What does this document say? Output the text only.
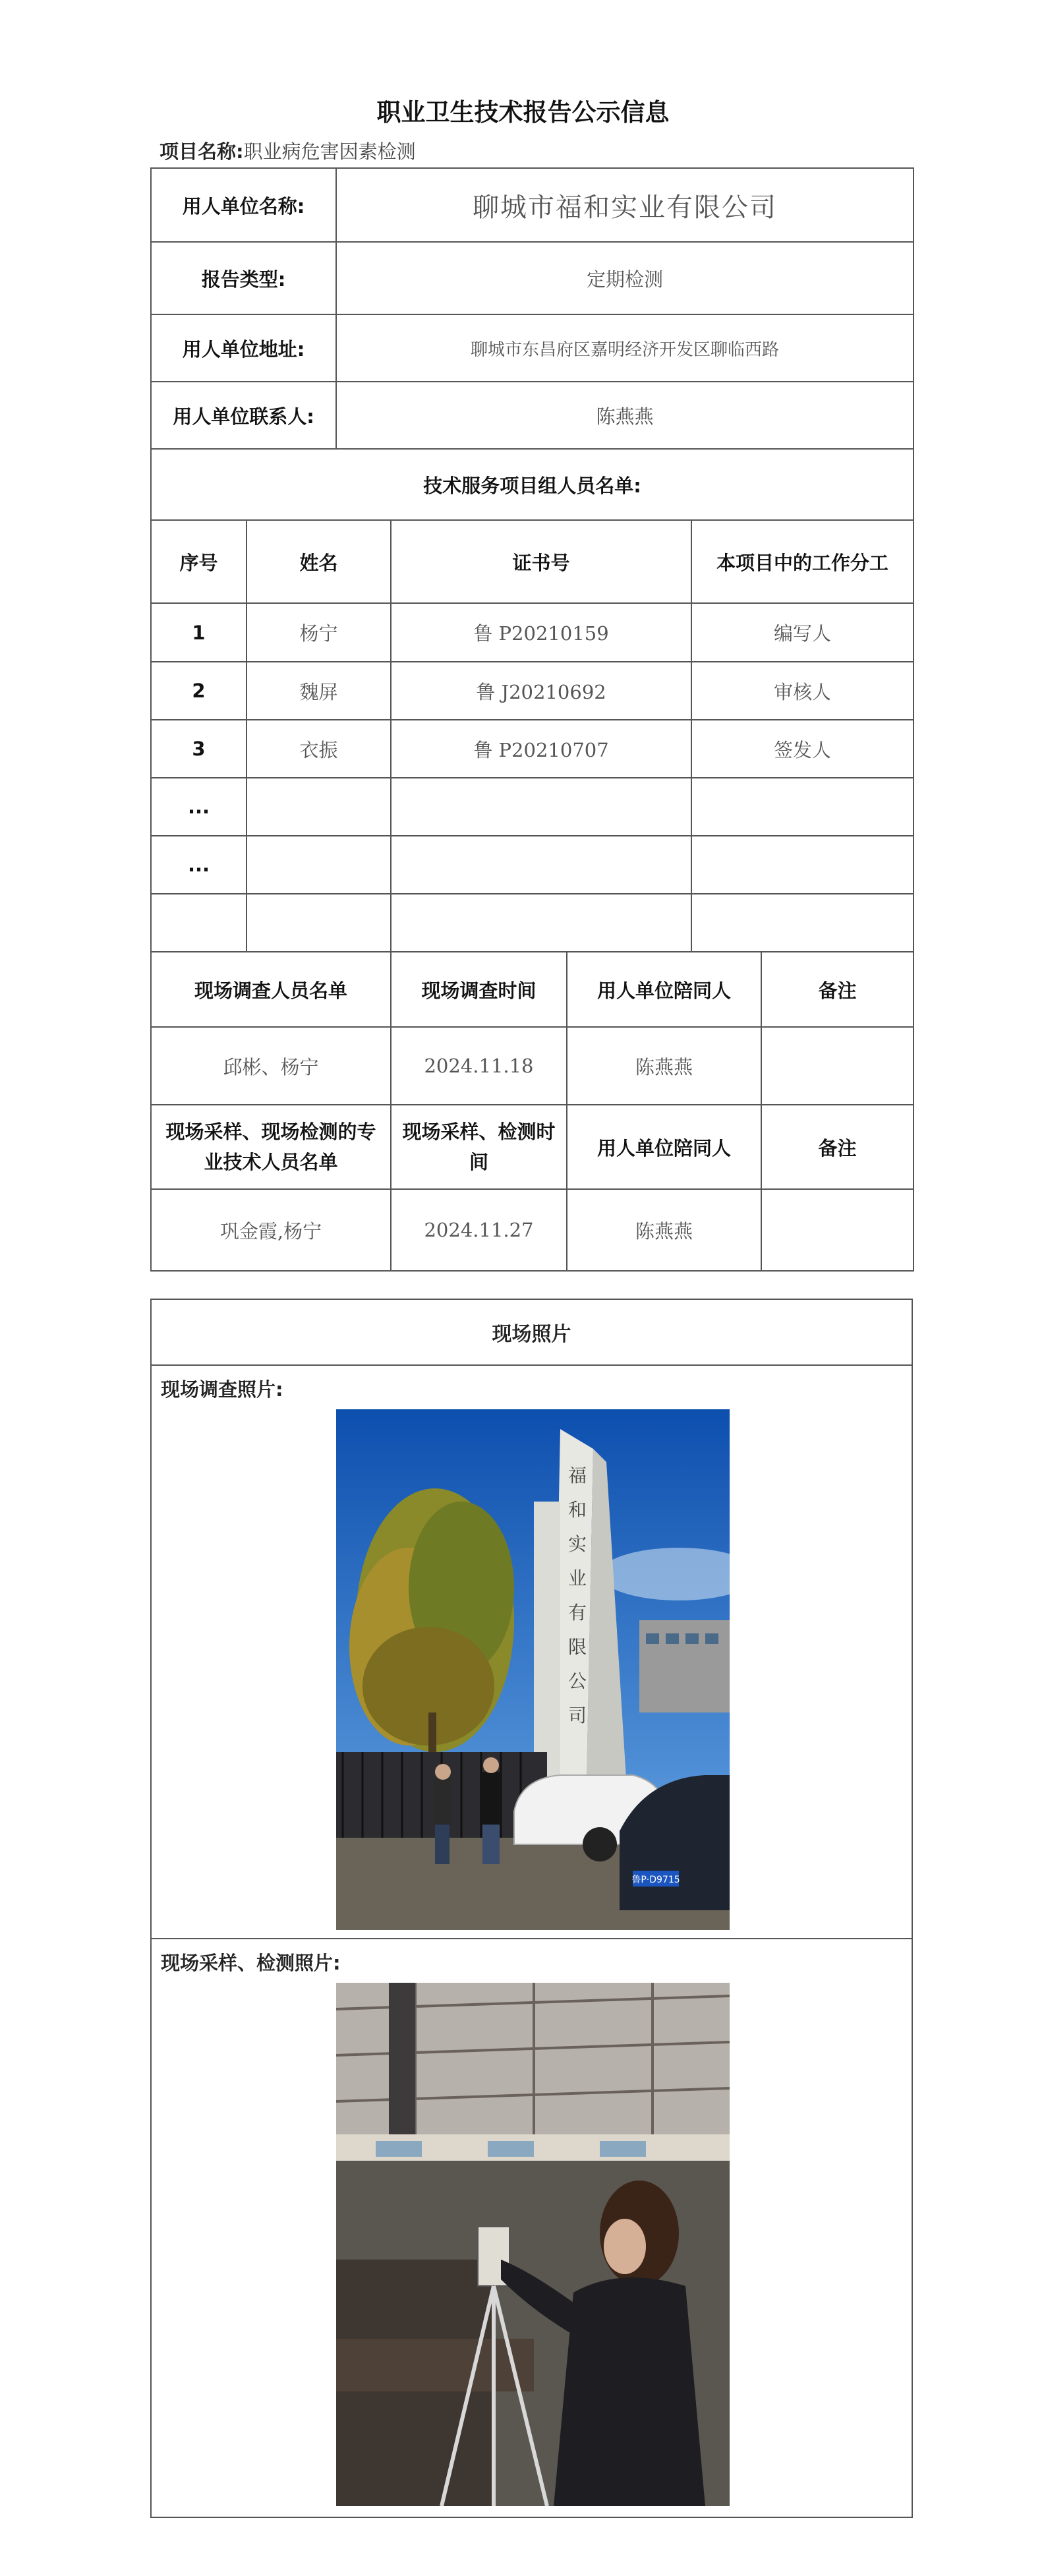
职业卫生技术报告公示信息
项目名称:职业病危害因素检测
用人单位名称:	聊城市福和实业有限公司
报告类型:	定期检测
用人单位地址:	聊城市东昌府区嘉明经济开发区聊临西路
用人单位联系人:	陈燕燕
技术服务项目组人员名单:	
序号	姓名	证书号	本项目中的工作分工
1	杨宁	鲁 P20210159	编写人
2	魏屏	鲁 J20210692	审核人
3	衣振	鲁 P20210707	签发人
...			
...			

现场调查人员名单	现场调查时间	用人单位陪同人	备注
邱彬、杨宁	2024.11.18	陈燕燕	
现场采样、现场检测的专业技术人员名单	现场采样、检测时间	用人单位陪同人	备注
巩金霞,杨宁	2024.11.27	陈燕燕	
现场照片
现场调查照片:
福和实业有限公司
鲁P·D9715
现场采样、检测照片:
